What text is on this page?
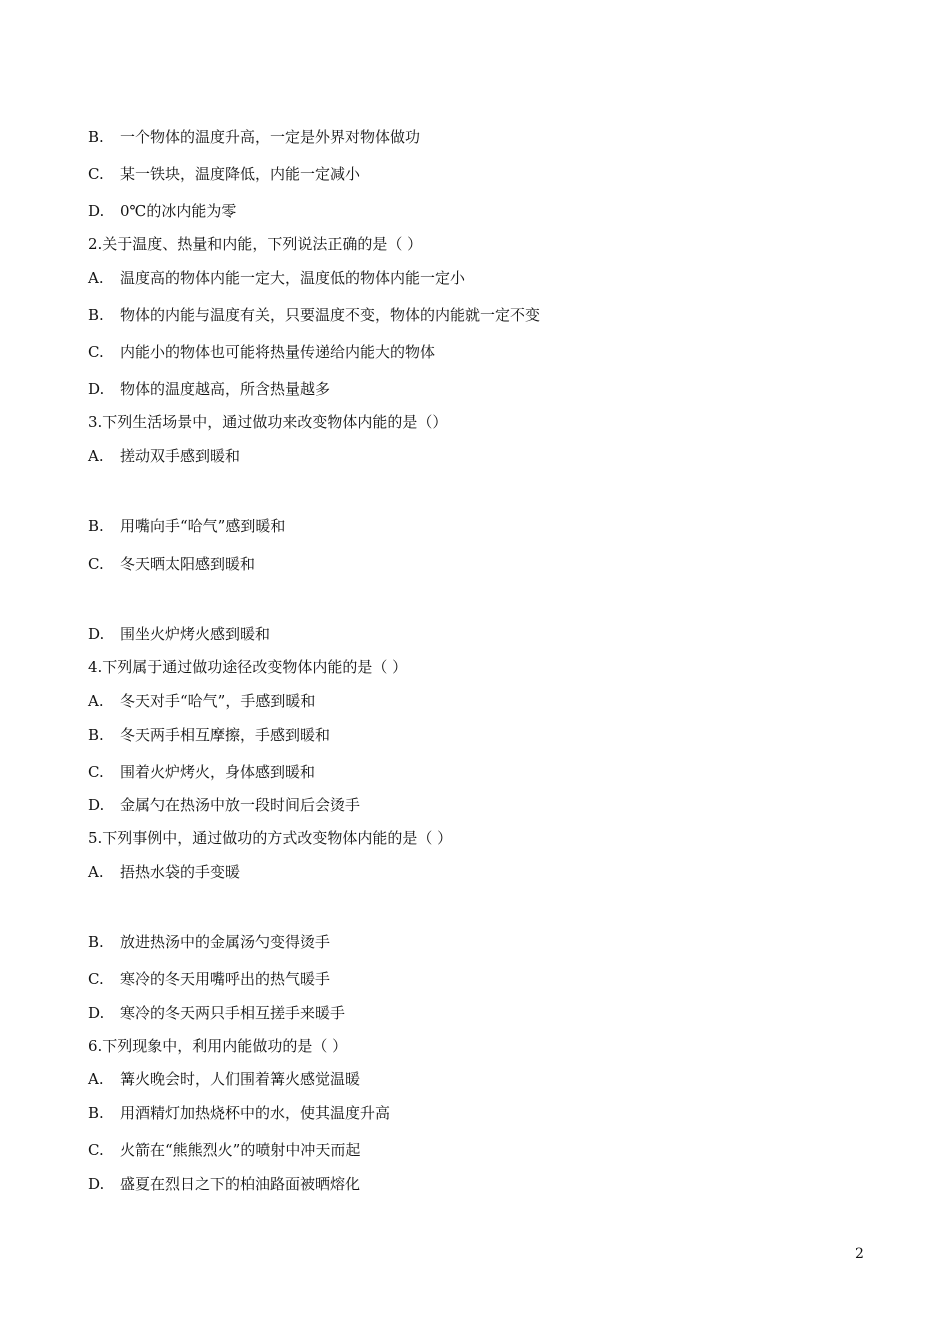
B. 一个物体的温度升高，一定是外界对物体做功
C. 某一铁块，温度降低，内能一定减小
D. 0℃的冰内能为零
2.关于温度、热量和内能，下列说法正确的是（ ）
A. 温度高的物体内能一定大，温度低的物体内能一定小
B. 物体的内能与温度有关，只要温度不变，物体的内能就一定不变
C. 内能小的物体也可能将热量传递给内能大的物体
D. 物体的温度越高，所含热量越多
3.下列生活场景中，通过做功来改变物体内能的是（）
A. 搓动双手感到暖和
B. 用嘴向手“哈气”感到暖和
C. 冬天晒太阳感到暖和
D. 围坐火炉烤火感到暖和
4.下列属于通过做功途径改变物体内能的是（ ）
A. 冬天对手“哈气”，手感到暖和
B. 冬天两手相互摩擦，手感到暖和
C. 围着火炉烤火，身体感到暖和
D. 金属勺在热汤中放一段时间后会烫手
5.下列事例中，通过做功的方式改变物体内能的是（ ）
A. 捂热水袋的手变暖
B. 放进热汤中的金属汤勺变得烫手
C. 寒冷的冬天用嘴呼出的热气暖手
D. 寒冷的冬天两只手相互搓手来暖手
6.下列现象中，利用内能做功的是（ ）
A. 篝火晚会时，人们围着篝火感觉温暖
B. 用酒精灯加热烧杯中的水，使其温度升高
C. 火箭在“熊熊烈火”的喷射中冲天而起
D. 盛夏在烈日之下的柏油路面被晒熔化
2
